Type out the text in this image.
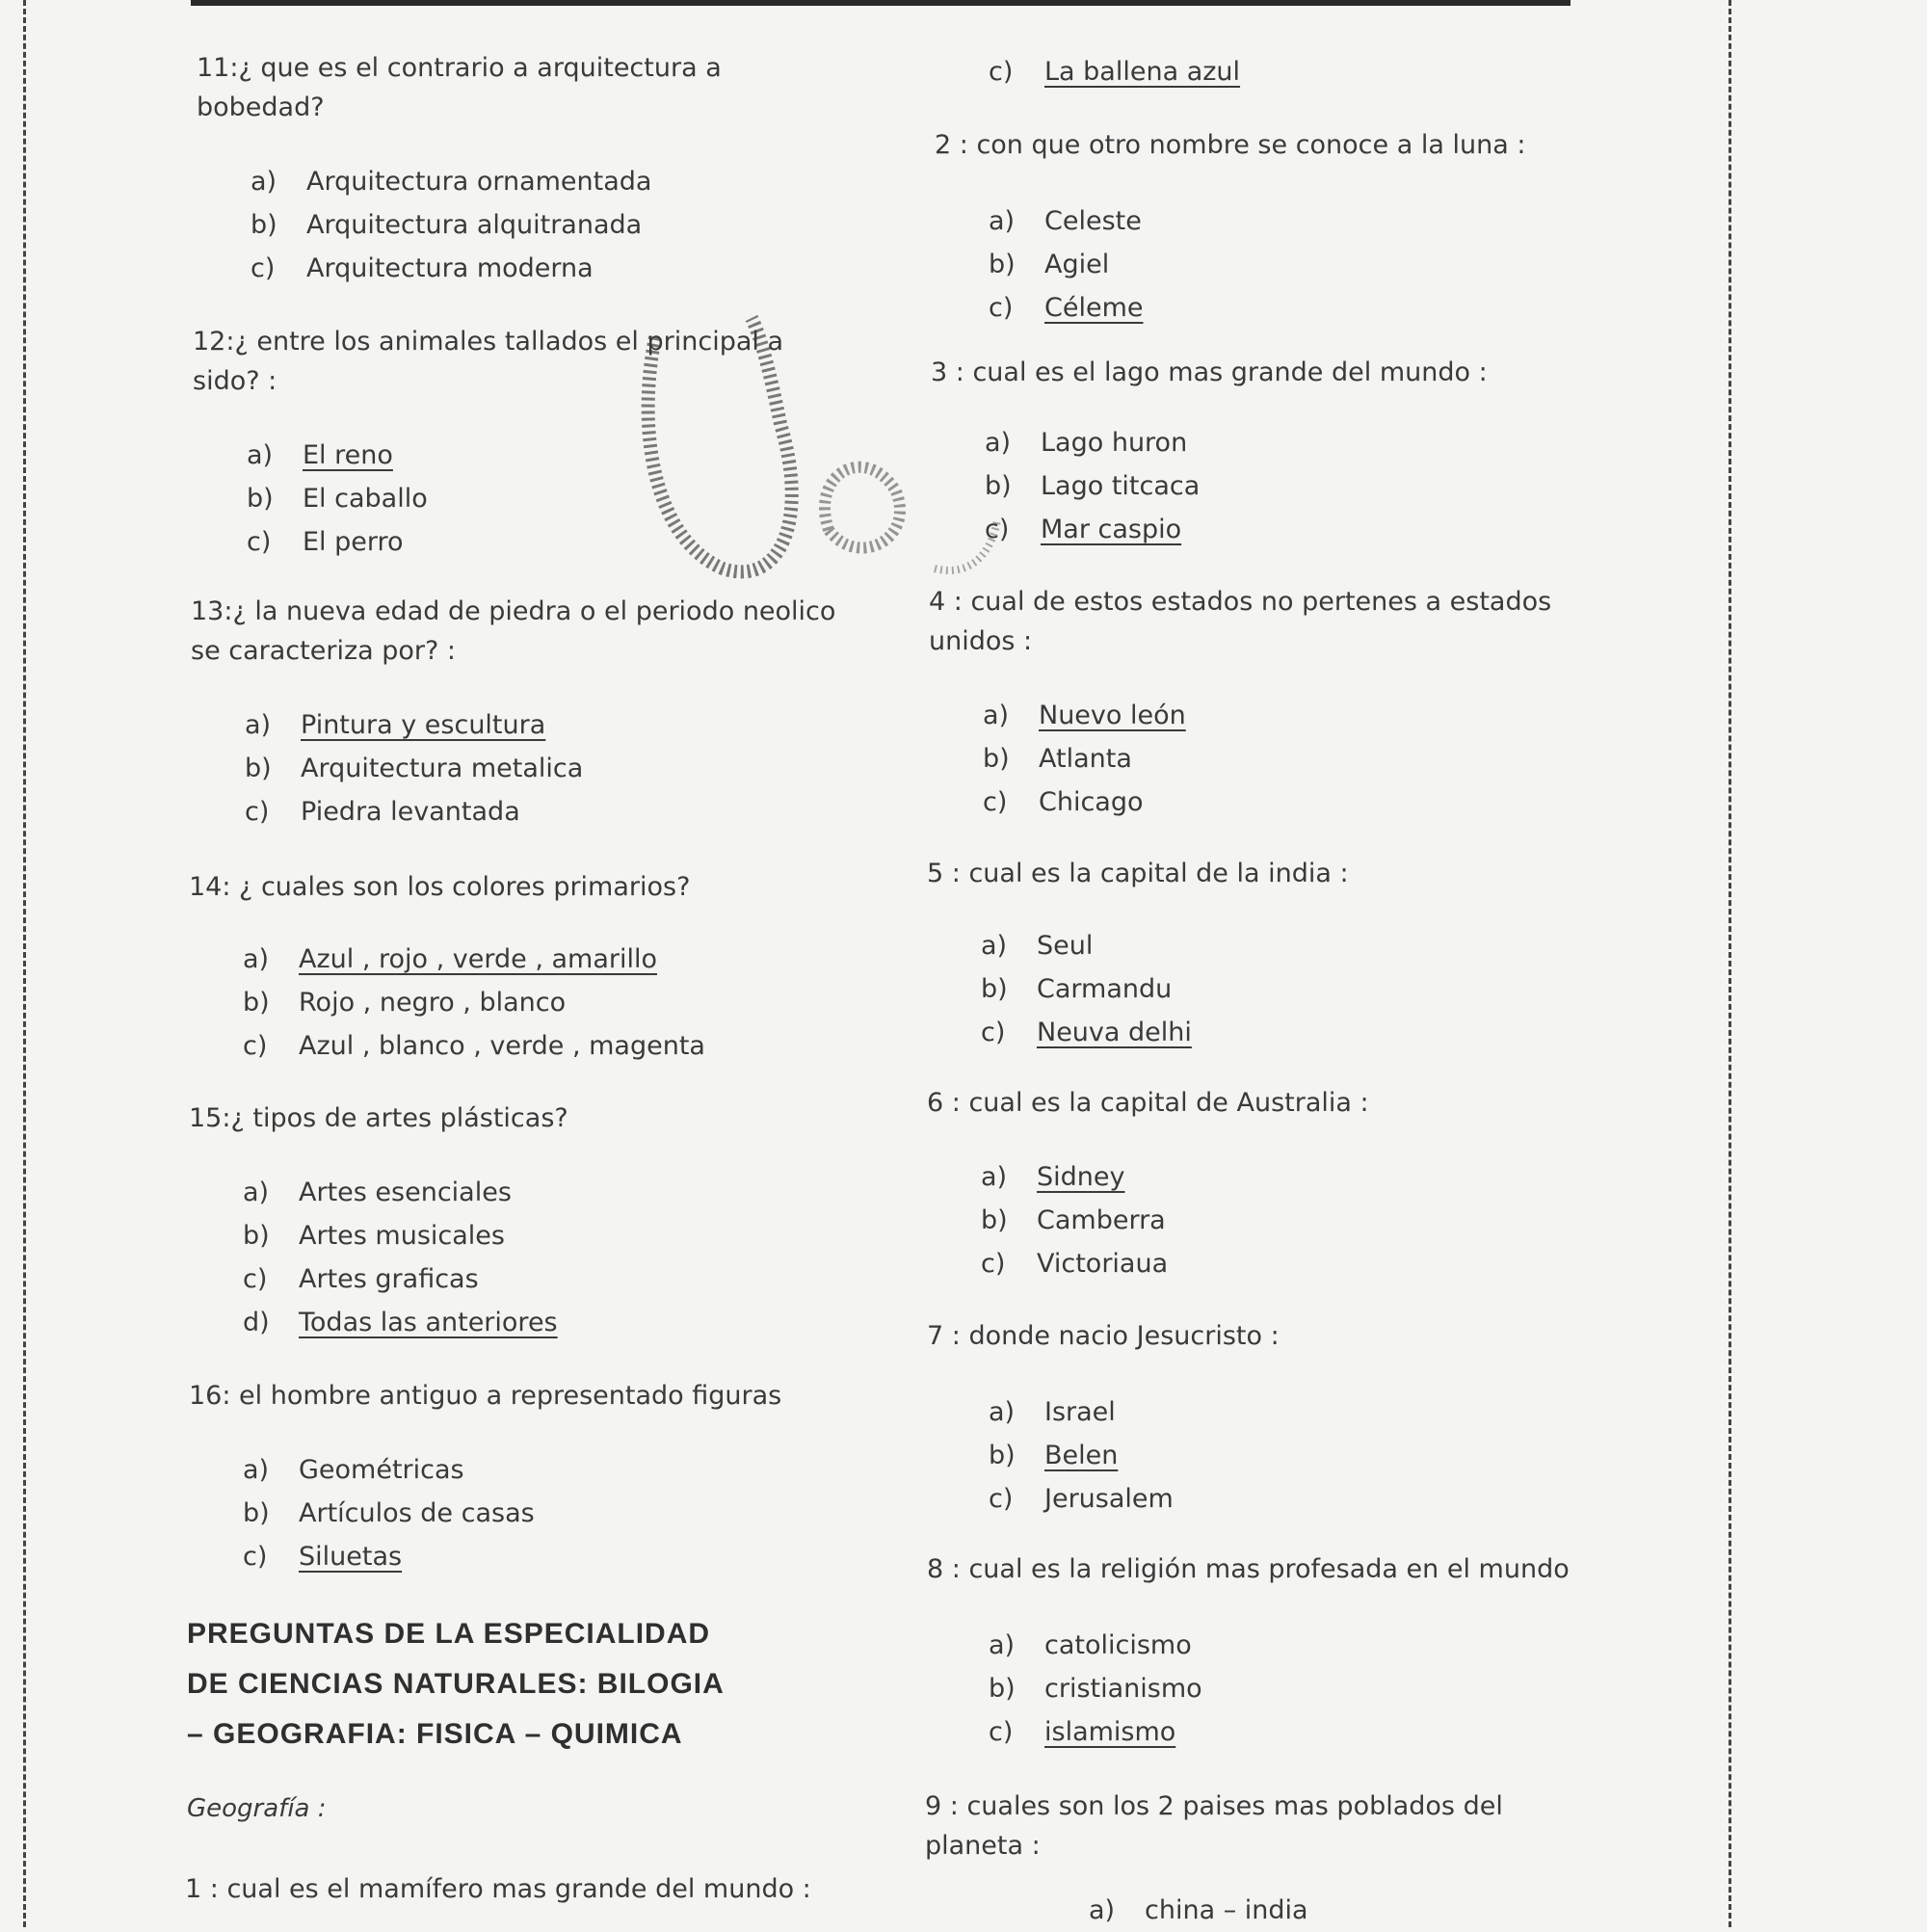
11:¿ que es el contrario a arquitectura a bobedad?

a) Arquitectura ornamentada
b) Arquitectura alquitranada
c) Arquitectura moderna

12:¿ entre los animales tallados el principal a sido? :

a) El reno
b) El caballo
c) El perro

13:¿ la nueva edad de piedra o el periodo neolico se caracteriza por? :

a) Pintura y escultura
b) Arquitectura metalica
c) Piedra levantada

14: ¿ cuales son los colores primarios?

a) Azul , rojo , verde , amarillo
b) Rojo , negro , blanco
c) Azul , blanco , verde , magenta

15:¿ tipos de artes plásticas?

a) Artes esenciales
b) Artes musicales
c) Artes graficas
d) Todas las anteriores

16: el hombre antiguo a representado figuras

a) Geométricas
b) Artículos de casas
c) Siluetas

PREGUNTAS DE LA ESPECIALIDAD

DE CIENCIAS NATURALES: BILOGIA

– GEOGRAFIA: FISICA – QUIMICA

Geografía :

1 : cual es el mamífero mas grande del mundo :

c) La ballena azul

2 : con que otro nombre se conoce a la luna :

a) Celeste
b) Agiel
c) Céleme

3 : cual es el lago mas grande del mundo :

a) Lago huron
b) Lago titcaca
c) Mar caspio

4 : cual de estos estados no pertenes a estados unidos :

a) Nuevo león
b) Atlanta
c) Chicago

5 : cual es la capital de la india :

a) Seul
b) Carmandu
c) Neuva delhi

6 : cual es la capital de Australia :

a) Sidney
b) Camberra
c) Victoriaua

7 : donde nacio Jesucristo :

a) Israel
b) Belen
c) Jerusalem

8 : cual es la religión mas profesada en el mundo

a) catolicismo
b) cristianismo
c) islamismo

9 : cuales son los 2 paises mas poblados del planeta :

a) china – india
